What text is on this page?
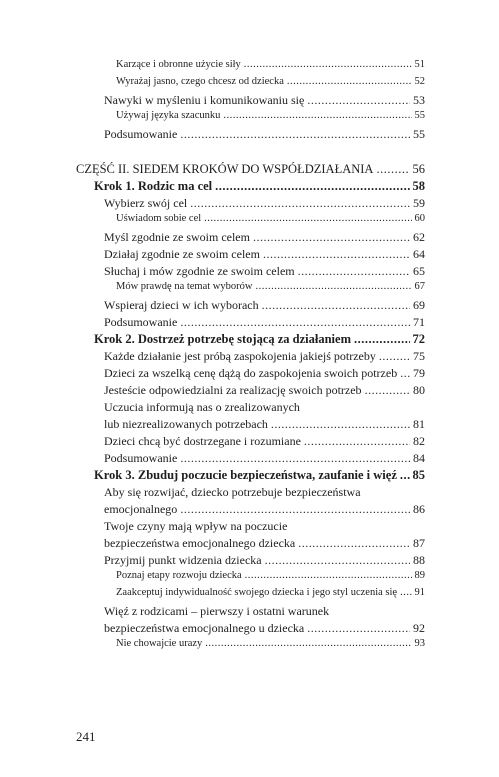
Karzące i obronne użycie siły .....	51
Wyrażaj jasno, czego chcesz od dziecka .....	52
Nawyki w myśleniu i komunikowaniu się .....	53
Używaj języka szacunku .....	55
Podsumowanie .....	55
CZĘŚĆ II. SIEDEM KROKÓW DO WSPÓŁDZIAŁANIA .....	56
Krok 1. Rodzic ma cel .....	58
Wybierz swój cel .....	59
Uświadom sobie cel .....	60
Myśl zgodnie ze swoim celem .....	62
Działaj zgodnie ze swoim celem .....	64
Słuchaj i mów zgodnie ze swoim celem .....	65
Mów prawdę na temat wyborów .....	67
Wspieraj dzieci w ich wyborach .....	69
Podsumowanie .....	71
Krok 2. Dostrzeż potrzebę stojącą za działaniem .....	72
Każde działanie jest próbą zaspokojenia jakiejś potrzeby .....	75
Dzieci za wszelką cenę dążą do zaspokojenia swoich potrzeb ..... 79
Jesteście odpowiedzialni za realizację swoich potrzeb .....	80
Uczucia informują nas o zrealizowanych
lub niezrealizowanych potrzebach .....	81
Dzieci chcą być dostrzegane i rozumiane .....	82
Podsumowanie .....	84
Krok 3. Zbuduj poczucie bezpieczeństwa, zaufanie i więź ..... 85
Aby się rozwijać, dziecko potrzebuje bezpieczeństwa
emocjonalnego .....	86
Twoje czyny mają wpływ na poczucie
bezpieczeństwa emocjonalnego dziecka .....	87
Przyjmij punkt widzenia dziecka .....	88
Poznaj etapy rozwoju dziecka .....	89
Zaakceptuj indywidualność swojego dziecka i jego styl uczenia się ..... 91
Więź z rodzicami – pierwszy i ostatni warunek
bezpieczeństwa emocjonalnego u dziecka .....	92
Nie chowajcie urazy .....	93
241
